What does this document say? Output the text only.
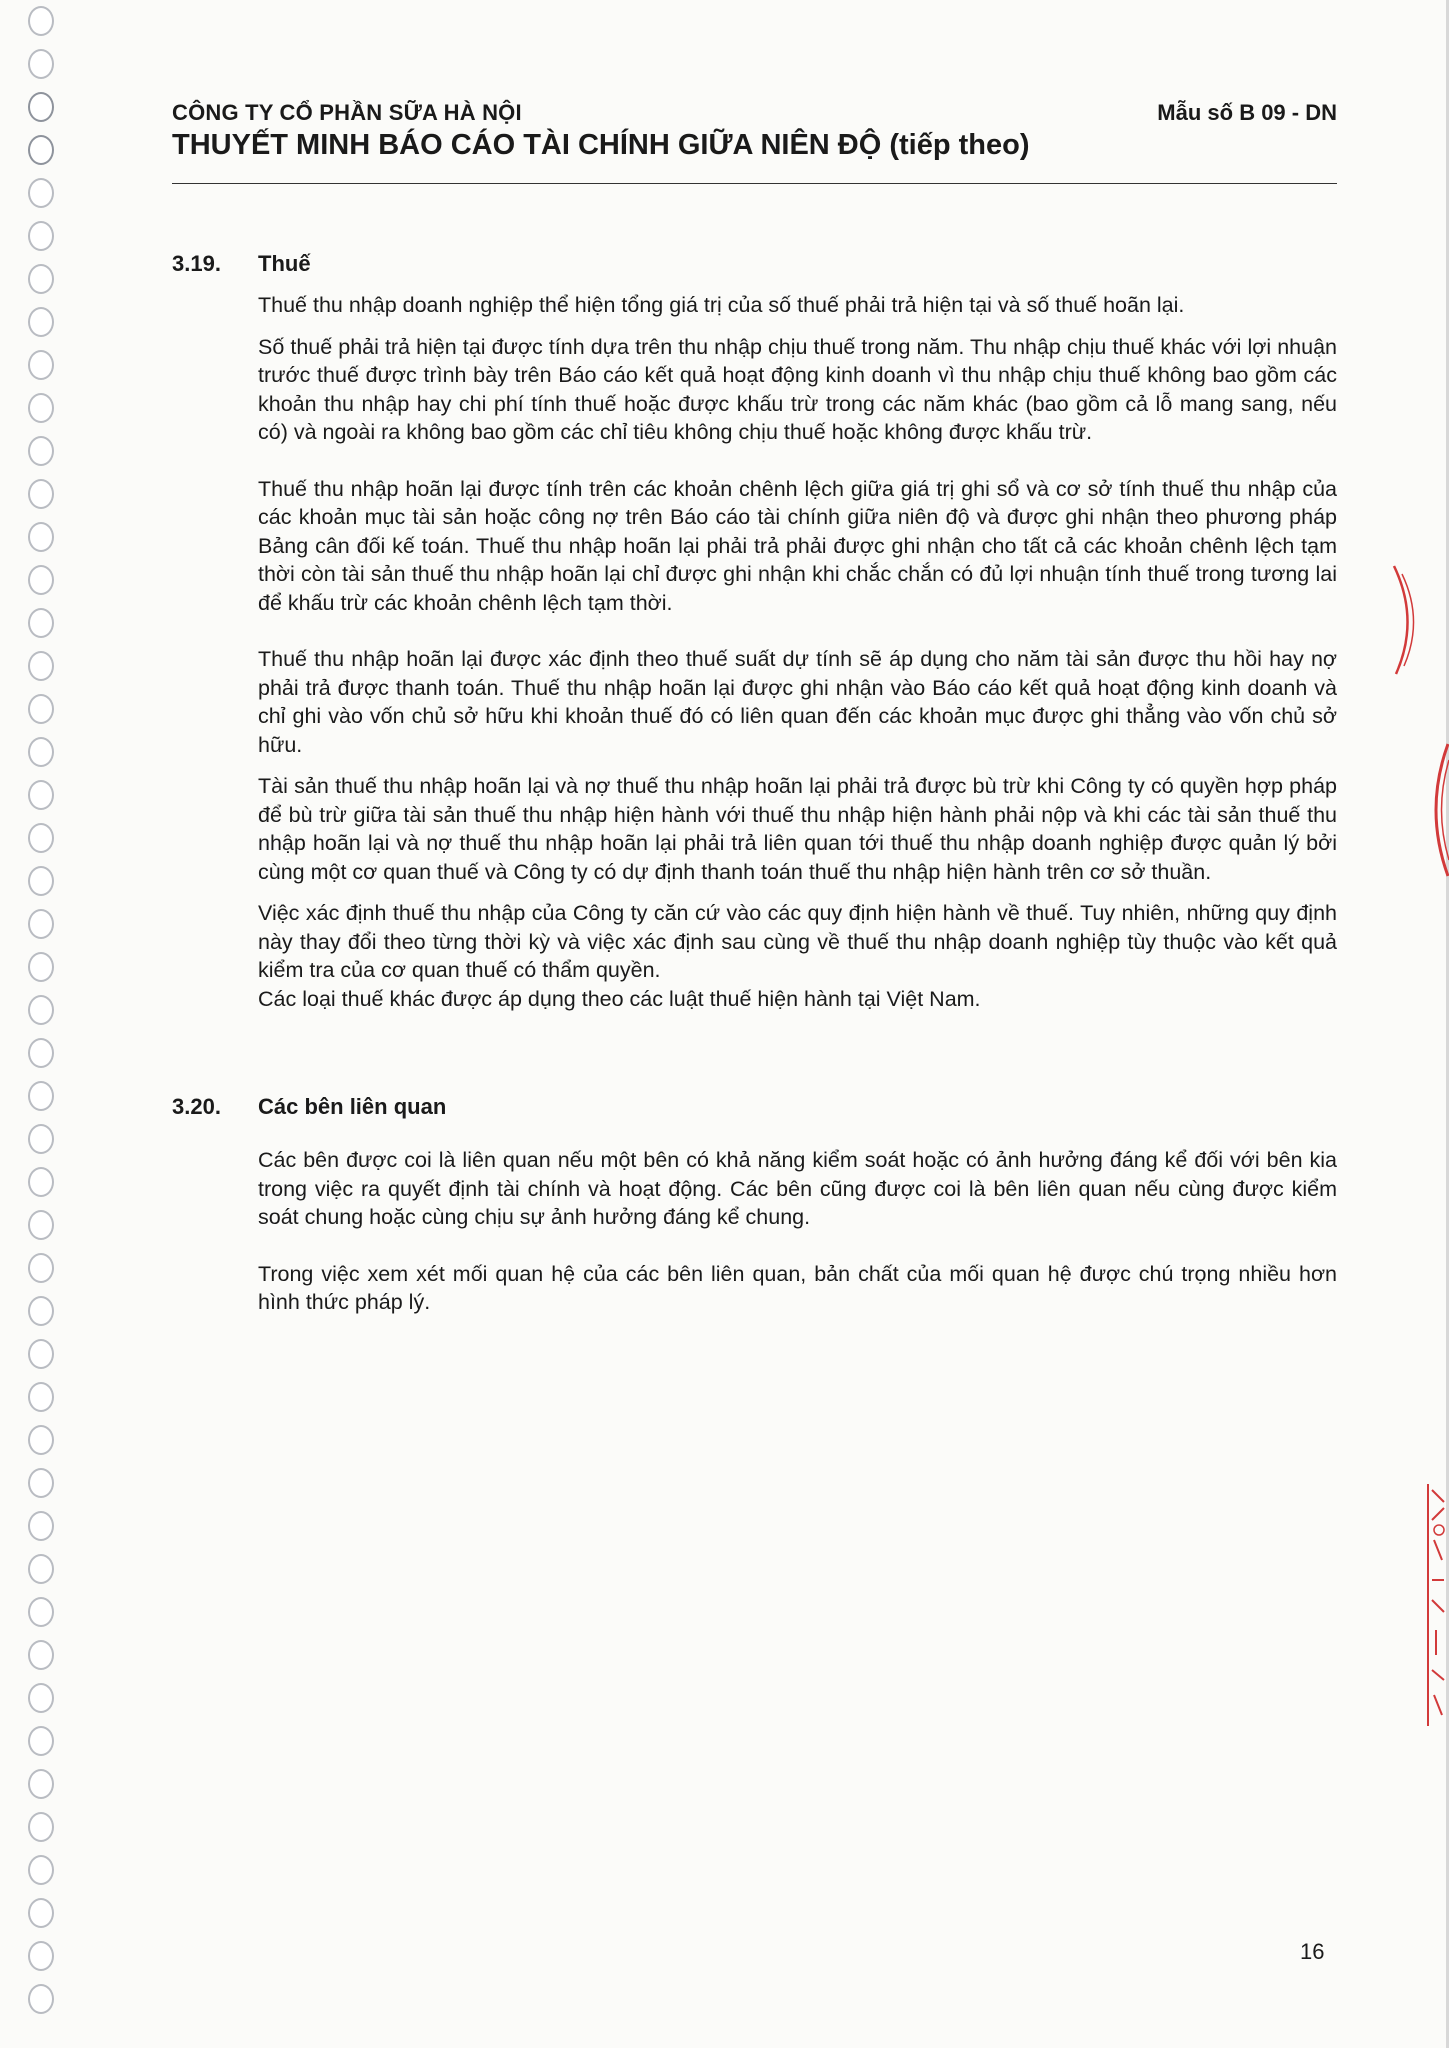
CÔNG TY CỔ PHẦN SỮA HÀ NỘI

THUYẾT MINH BÁO CÁO TÀI CHÍNH GIỮA NIÊN ĐỘ (tiếp theo)

Mẫu số B 09 - DN
3.19. Thuế

Thuế thu nhập doanh nghiệp thể hiện tổng giá trị của số thuế phải trả hiện tại và số thuế hoãn lại.

Số thuế phải trả hiện tại được tính dựa trên thu nhập chịu thuế trong năm. Thu nhập chịu thuế khác với lợi nhuận trước thuế được trình bày trên Báo cáo kết quả hoạt động kinh doanh vì thu nhập chịu thuế không bao gồm các khoản thu nhập hay chi phí tính thuế hoặc được khấu trừ trong các năm khác (bao gồm cả lỗ mang sang, nếu có) và ngoài ra không bao gồm các chỉ tiêu không chịu thuế hoặc không được khấu trừ.

Thuế thu nhập hoãn lại được tính trên các khoản chênh lệch giữa giá trị ghi sổ và cơ sở tính thuế thu nhập của các khoản mục tài sản hoặc công nợ trên Báo cáo tài chính giữa niên độ và được ghi nhận theo phương pháp Bảng cân đối kế toán. Thuế thu nhập hoãn lại phải trả phải được ghi nhận cho tất cả các khoản chênh lệch tạm thời còn tài sản thuế thu nhập hoãn lại chỉ được ghi nhận khi chắc chắn có đủ lợi nhuận tính thuế trong tương lai để khấu trừ các khoản chênh lệch tạm thời.

Thuế thu nhập hoãn lại được xác định theo thuế suất dự tính sẽ áp dụng cho năm tài sản được thu hồi hay nợ phải trả được thanh toán. Thuế thu nhập hoãn lại được ghi nhận vào Báo cáo kết quả hoạt động kinh doanh và chỉ ghi vào vốn chủ sở hữu khi khoản thuế đó có liên quan đến các khoản mục được ghi thẳng vào vốn chủ sở hữu.

Tài sản thuế thu nhập hoãn lại và nợ thuế thu nhập hoãn lại phải trả được bù trừ khi Công ty có quyền hợp pháp để bù trừ giữa tài sản thuế thu nhập hiện hành với thuế thu nhập hiện hành phải nộp và khi các tài sản thuế thu nhập hoãn lại và nợ thuế thu nhập hoãn lại phải trả liên quan tới thuế thu nhập doanh nghiệp được quản lý bởi cùng một cơ quan thuế và Công ty có dự định thanh toán thuế thu nhập hiện hành trên cơ sở thuần.

Việc xác định thuế thu nhập của Công ty căn cứ vào các quy định hiện hành về thuế. Tuy nhiên, những quy định này thay đổi theo từng thời kỳ và việc xác định sau cùng về thuế thu nhập doanh nghiệp tùy thuộc vào kết quả kiểm tra của cơ quan thuế có thẩm quyền.

Các loại thuế khác được áp dụng theo các luật thuế hiện hành tại Việt Nam.

3.20. Các bên liên quan

Các bên được coi là liên quan nếu một bên có khả năng kiểm soát hoặc có ảnh hưởng đáng kể đối với bên kia trong việc ra quyết định tài chính và hoạt động. Các bên cũng được coi là bên liên quan nếu cùng được kiểm soát chung hoặc cùng chịu sự ảnh hưởng đáng kể chung.

Trong việc xem xét mối quan hệ của các bên liên quan, bản chất của mối quan hệ được chú trọng nhiều hơn hình thức pháp lý.

16
